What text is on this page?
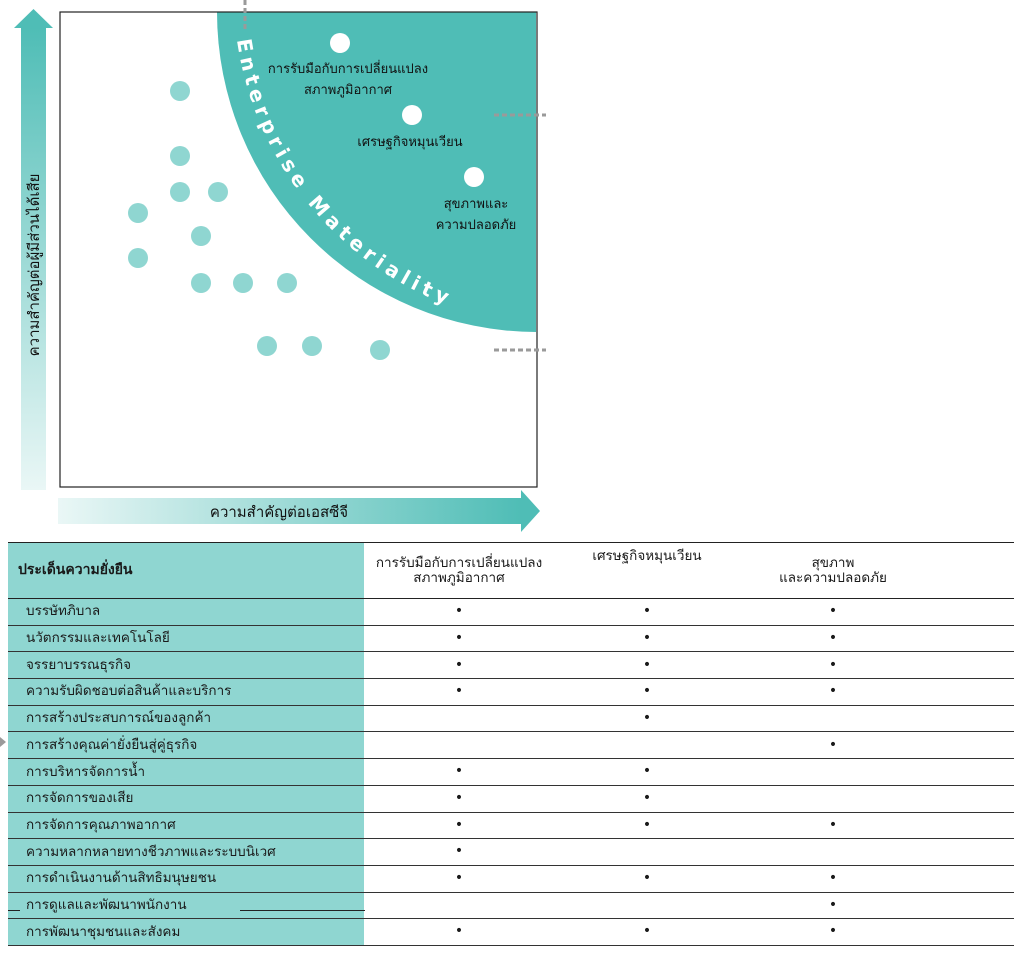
ความสำคัญต่อผู้มีส่วนได้เสีย
ความสำคัญต่อเอสซีจี
Enterprise Materiality
การรับมือกับการเปลี่ยนแปลง
สภาพภูมิอากาศ
เศรษฐกิจหมุนเวียน
สุขภาพและ
ความปลอดภัย
ประเด็นความยั่งยืน	การรับมือกับการเปลี่ยนแปลง
สภาพภูมิอากาศ	เศรษฐกิจหมุนเวียน	สุขภาพ
และความปลอดภัย	
บรรษัทภิบาล	•	•	•	
นวัตกรรมและเทคโนโลยี	•	•	•	
จรรยาบรรณธุรกิจ	•	•	•	
ความรับผิดชอบต่อสินค้าและบริการ	•	•	•	
การสร้างประสบการณ์ของลูกค้า		•		
การสร้างคุณค่ายั่งยืนสู่คู่ธุรกิจ			•	
การบริหารจัดการน้ำ	•	•		
การจัดการของเสีย	•	•		
การจัดการคุณภาพอากาศ	•	•	•	
ความหลากหลายทางชีวภาพและระบบนิเวศ	•			
การดำเนินงานด้านสิทธิมนุษยชน	•	•	•	
การดูแลและพัฒนาพนักงาน			•	
การพัฒนาชุมชนและสังคม	•	•	•	
